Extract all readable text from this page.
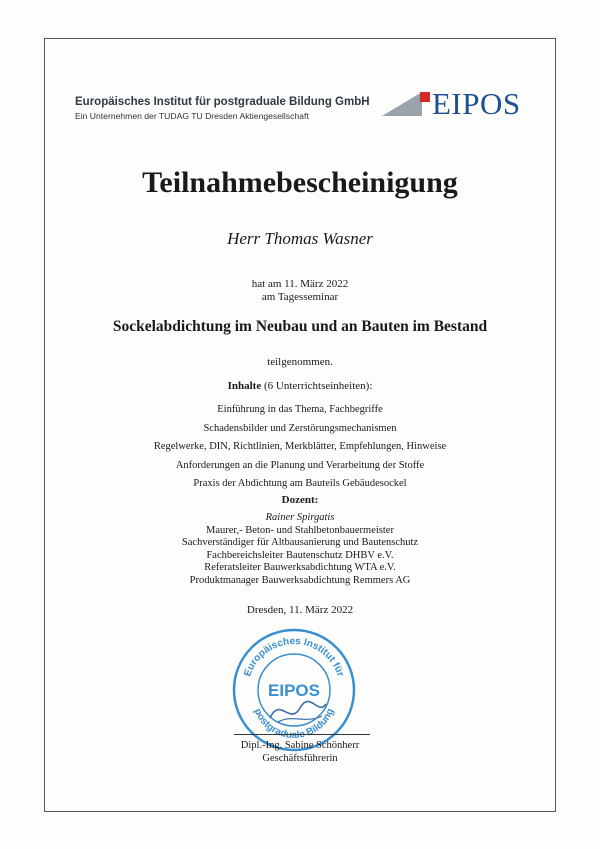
Europäisches Institut für postgraduale Bildung GmbH
Ein Unternehmen der TUDAG TU Dresden Aktiengesellschaft	EIPOS
Teilnahmebescheinigung
Herr Thomas Wasner
hat am 11. März 2022
am Tagesseminar
Sockelabdichtung im Neubau und an Bauten im Bestand
teilgenommen.
Inhalte (6 Unterrichtseinheiten):
Einführung in das Thema, Fachbegriffe
Schadensbilder und Zerstörungsmechanismen
Regelwerke, DIN, Richtlinien, Merkblätter, Empfehlungen, Hinweise
Anforderungen an die Planung und Verarbeitung der Stoffe
Praxis der Abdichtung am Bauteils Gebäudesockel
Dozent:
Rainer Spirgatis
Maurer,- Beton- und Stahlbetonbauermeister
Sachverständiger für Altbausanierung und Bautenschutz
Fachbereichsleiter Bautenschutz DHBV e.V.
Referatsleiter Bauwerksabdichtung WTA e.V.
Produktmanager Bauwerksabdichtung Remmers AG
Dresden, 11. März 2022
Europäisches Institut für
postgraduale Bildung
EIPOS
Dipl.-Ing. Sabine Schönherr
Geschäftsführerin
